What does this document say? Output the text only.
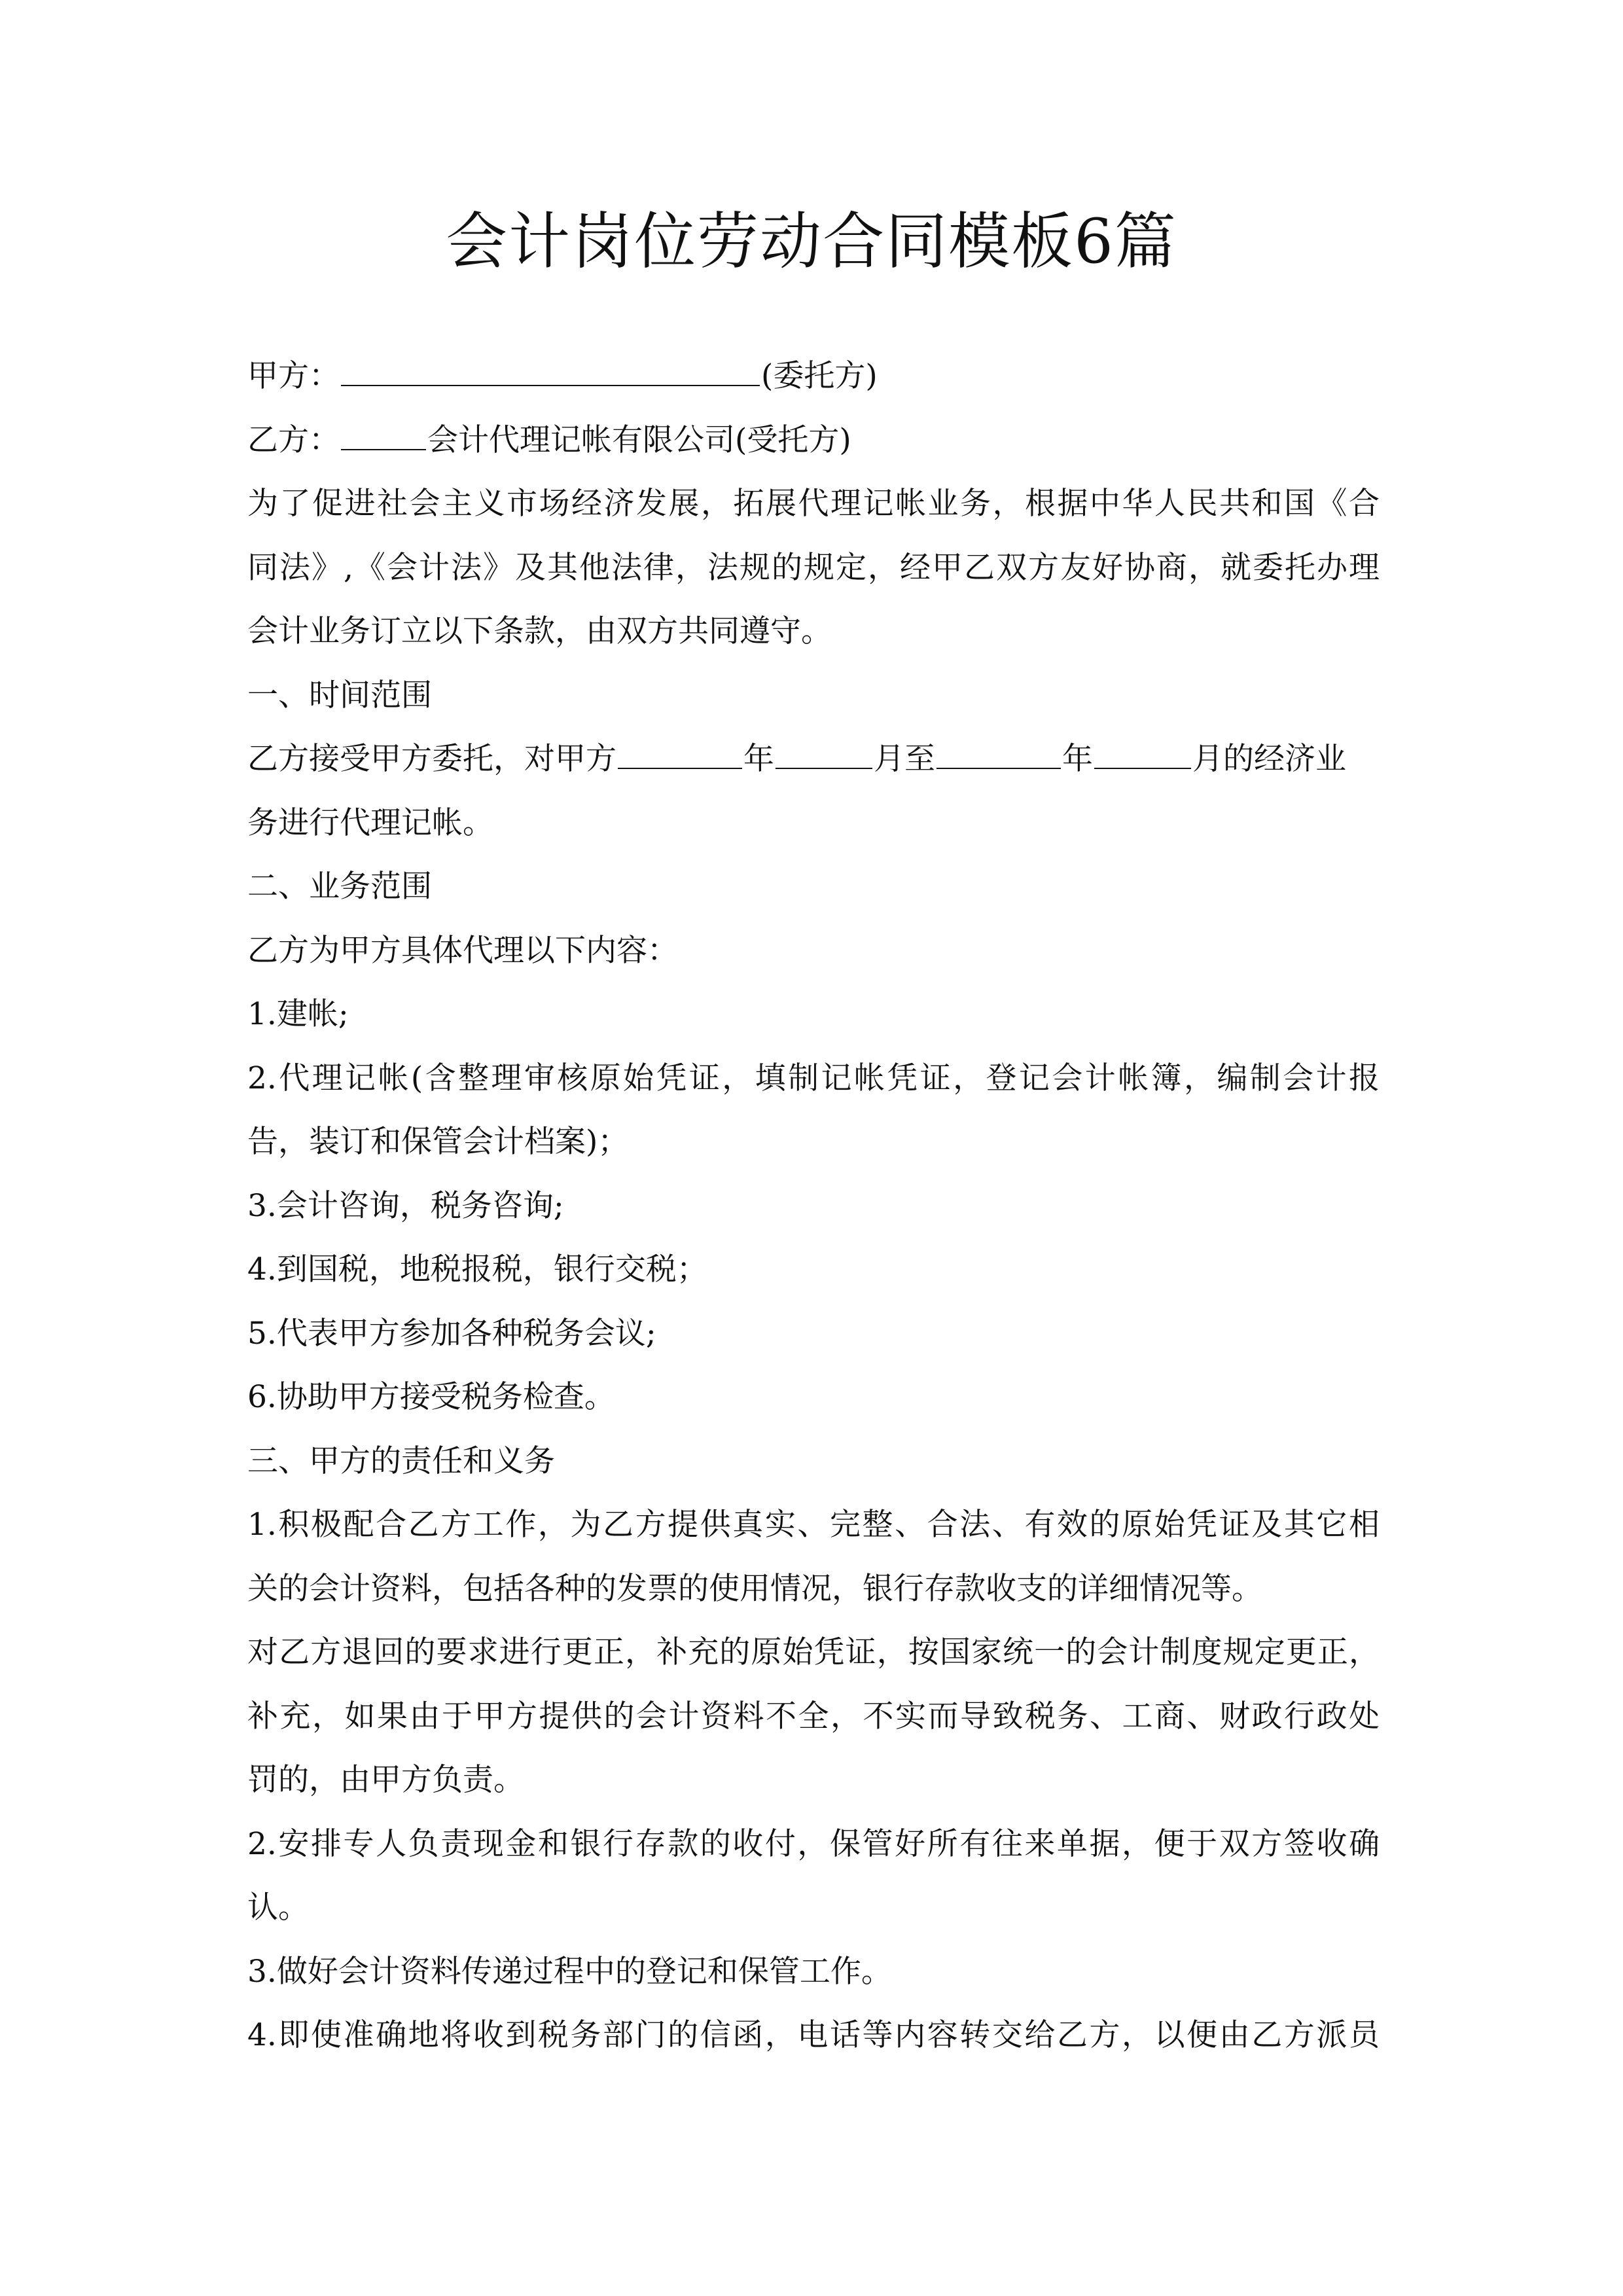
会计岗位劳动合同模板6篇
甲方：	(委托方)
乙方：	会计代理记帐有限公司(受托方)
为了促进社会主义市场经济发展，拓展代理记帐业务，根据中华人民共和国《合
同法》,《会计法》及其他法律，法规的规定，经甲乙双方友好协商，就委托办理
会计业务订立以下条款，由双方共同遵守。
一、时间范围
乙方接受甲方委托，对甲方	年	月至	年	月的经济业
务进行代理记帐。
二、业务范围
乙方为甲方具体代理以下内容：
1.建帐;
2.代理记帐(含整理审核原始凭证，填制记帐凭证，登记会计帐簿，编制会计报
告，装订和保管会计档案)；
3.会计咨询，税务咨询;
4.到国税，地税报税，银行交税；
5.代表甲方参加各种税务会议;
6.协助甲方接受税务检查。
三、甲方的责任和义务
1.积极配合乙方工作，为乙方提供真实、完整、合法、有效的原始凭证及其它相
关的会计资料，包括各种的发票的使用情况，银行存款收支的详细情况等。
对乙方退回的要求进行更正，补充的原始凭证，按国家统一的会计制度规定更正，
补充，如果由于甲方提供的会计资料不全，不实而导致税务、工商、财政行政处
罚的，由甲方负责。
2.安排专人负责现金和银行存款的收付，保管好所有往来单据，便于双方签收确
认。
3.做好会计资料传递过程中的登记和保管工作。
4.即使准确地将收到税务部门的信函，电话等内容转交给乙方，以便由乙方派员
